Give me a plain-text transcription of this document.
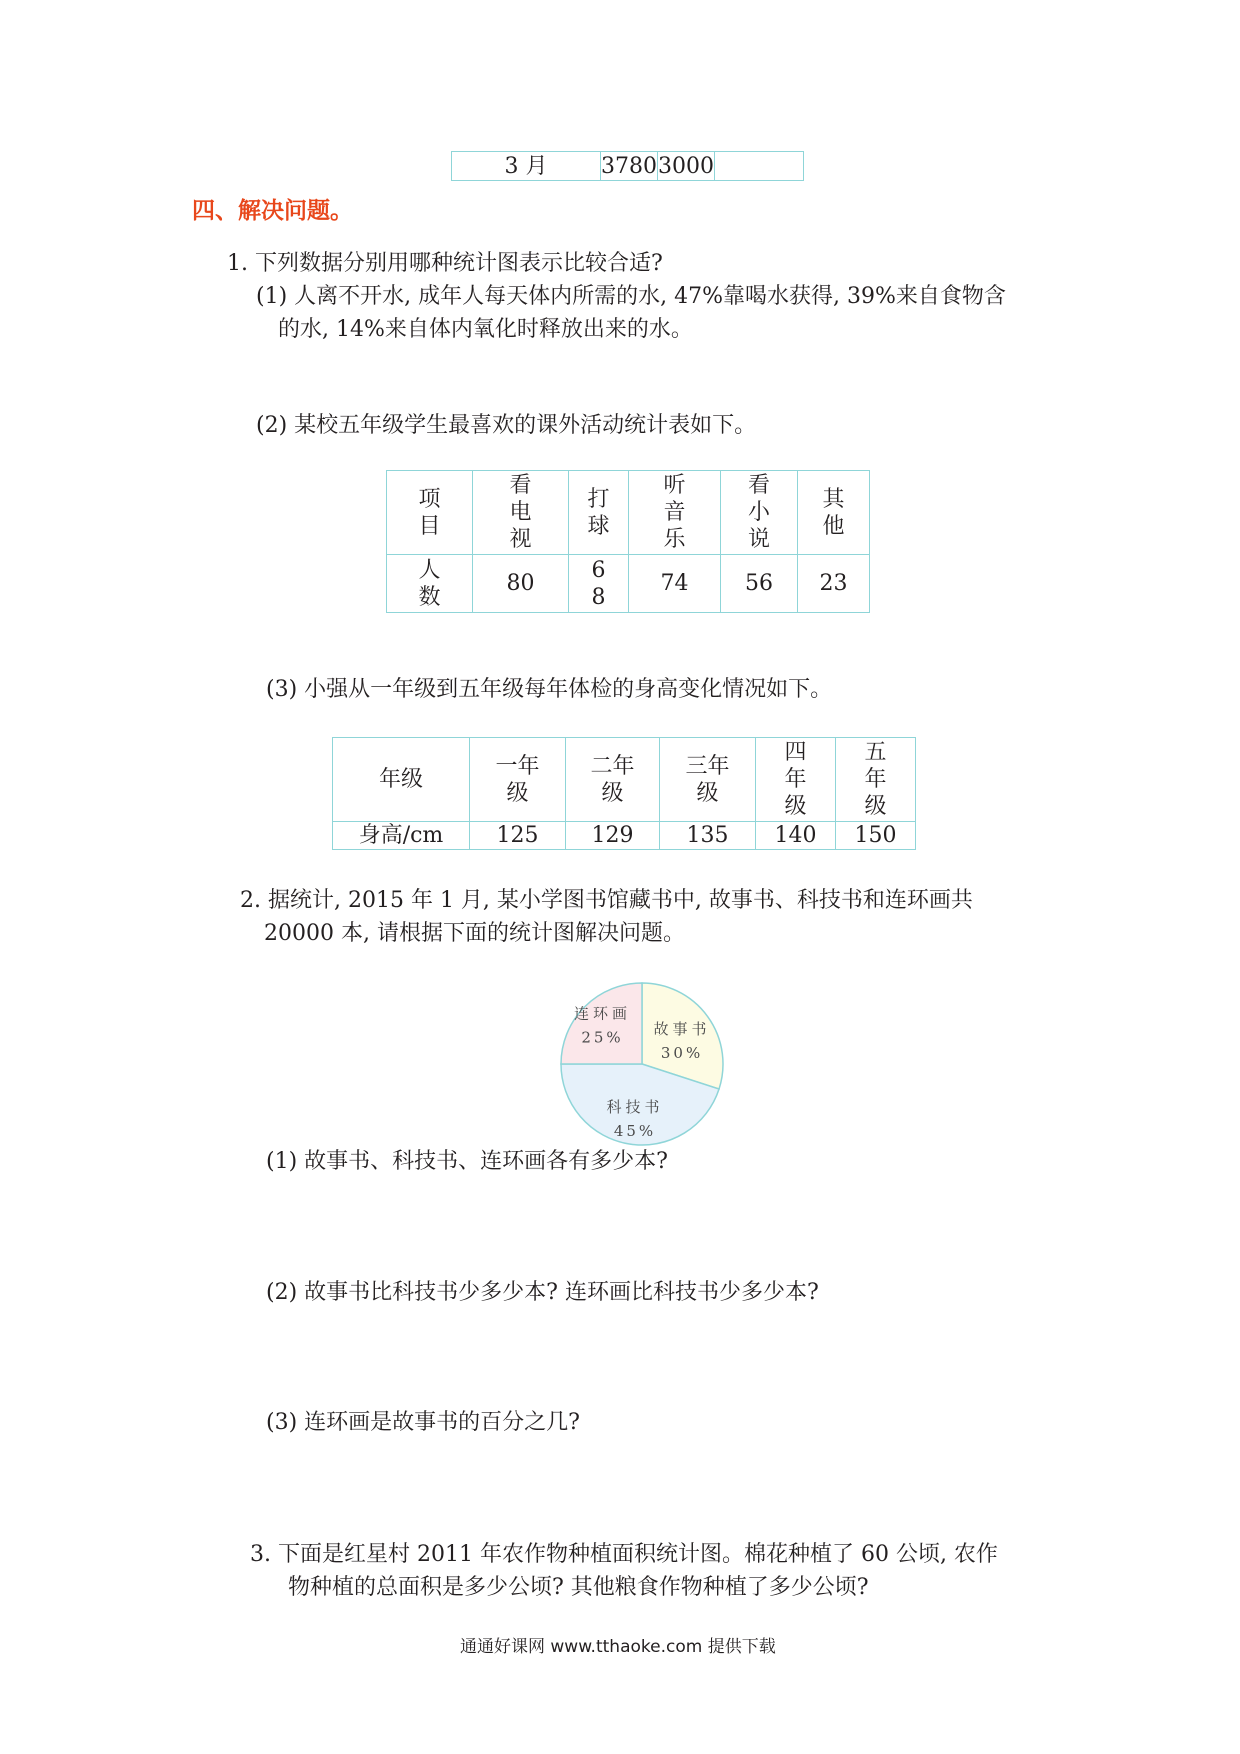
3 月	3780	3000	
四、解决问题。
1. 下列数据分别用哪种统计图表示比较合适?
(1) 人离不开水, 成年人每天体内所需的水, 47%靠喝水获得, 39%来自食物含
的水, 14%来自体内氧化时释放出来的水。
(2) 某校五年级学生最喜欢的课外活动统计表如下。
项目	看电视	打球	听音乐	看小说	其他
人数	80	68	74	56	23
(3) 小强从一年级到五年级每年体检的身高变化情况如下。
年级	一年级	二年级	三年级	四年级	五年级
身高/cm	125	129	135	140	150
2. 据统计, 2015 年 1 月, 某小学图书馆藏书中, 故事书、科技书和连环画共
20000 本, 请根据下面的统计图解决问题。
故事书
30%
科技书
45%
连环画
25%
(1) 故事书、科技书、连环画各有多少本?
(2) 故事书比科技书少多少本? 连环画比科技书少多少本?
(3) 连环画是故事书的百分之几?
3. 下面是红星村 2011 年农作物种植面积统计图。棉花种植了 60 公顷, 农作
物种植的总面积是多少公顷? 其他粮食作物种植了多少公顷?
通通好课网 www.tthaoke.com 提供下载
